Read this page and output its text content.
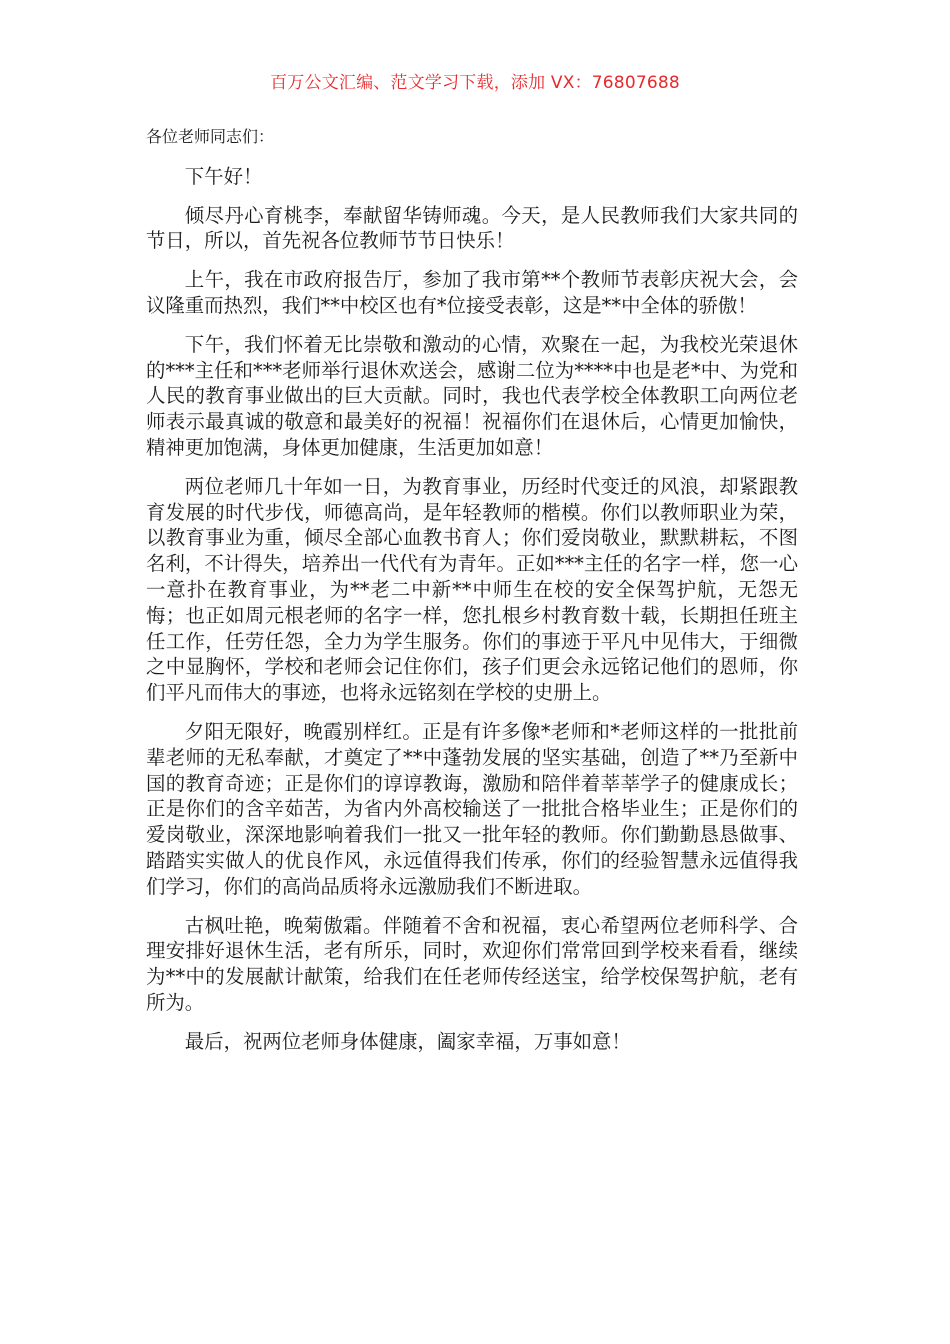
百万公文汇编、范文学习下载，添加 VX：76807688

各位老师同志们：

下午好！

倾尽丹心育桃李，奉献留华铸师魂。今天，是人民教师我们大家共同的节日，所以，首先祝各位教师节节日快乐！

上午，我在市政府报告厅，参加了我市第**个教师节表彰庆祝大会，会议隆重而热烈，我们**中校区也有*位接受表彰，这是**中全体的骄傲！

下午，我们怀着无比崇敬和激动的心情，欢聚在一起，为我校光荣退休的***主任和***老师举行退休欢送会，感谢二位为****中也是老*中、为党和人民的教育事业做出的巨大贡献。同时，我也代表学校全体教职工向两位老师表示最真诚的敬意和最美好的祝福！祝福你们在退休后，心情更加愉快，精神更加饱满，身体更加健康，生活更加如意！

两位老师几十年如一日，为教育事业，历经时代变迁的风浪，却紧跟教育发展的时代步伐，师德高尚，是年轻教师的楷模。你们以教师职业为荣，以教育事业为重，倾尽全部心血教书育人；你们爱岗敬业，默默耕耘，不图名利，不计得失，培养出一代代有为青年。正如***主任的名字一样，您一心一意扑在教育事业，为**老二中新**中师生在校的安全保驾护航，无怨无悔；也正如周元根老师的名字一样，您扎根乡村教育数十载，长期担任班主任工作，任劳任怨，全力为学生服务。你们的事迹于平凡中见伟大，于细微之中显胸怀，学校和老师会记住你们，孩子们更会永远铭记他们的恩师，你们平凡而伟大的事迹，也将永远铭刻在学校的史册上。

夕阳无限好，晚霞别样红。正是有许多像*老师和*老师这样的一批批前辈老师的无私奉献，才奠定了**中蓬勃发展的坚实基础，创造了**乃至新中国的教育奇迹；正是你们的谆谆教诲，激励和陪伴着莘莘学子的健康成长；正是你们的含辛茹苦，为省内外高校输送了一批批合格毕业生；正是你们的爱岗敬业，深深地影响着我们一批又一批年轻的教师。你们勤勤恳恳做事、踏踏实实做人的优良作风，永远值得我们传承，你们的经验智慧永远值得我们学习，你们的高尚品质将永远激励我们不断进取。

古枫吐艳，晚菊傲霜。伴随着不舍和祝福，衷心希望两位老师科学、合理安排好退休生活，老有所乐，同时，欢迎你们常常回到学校来看看，继续为**中的发展献计献策，给我们在任老师传经送宝，给学校保驾护航，老有所为。

最后，祝两位老师身体健康，阖家幸福，万事如意！
